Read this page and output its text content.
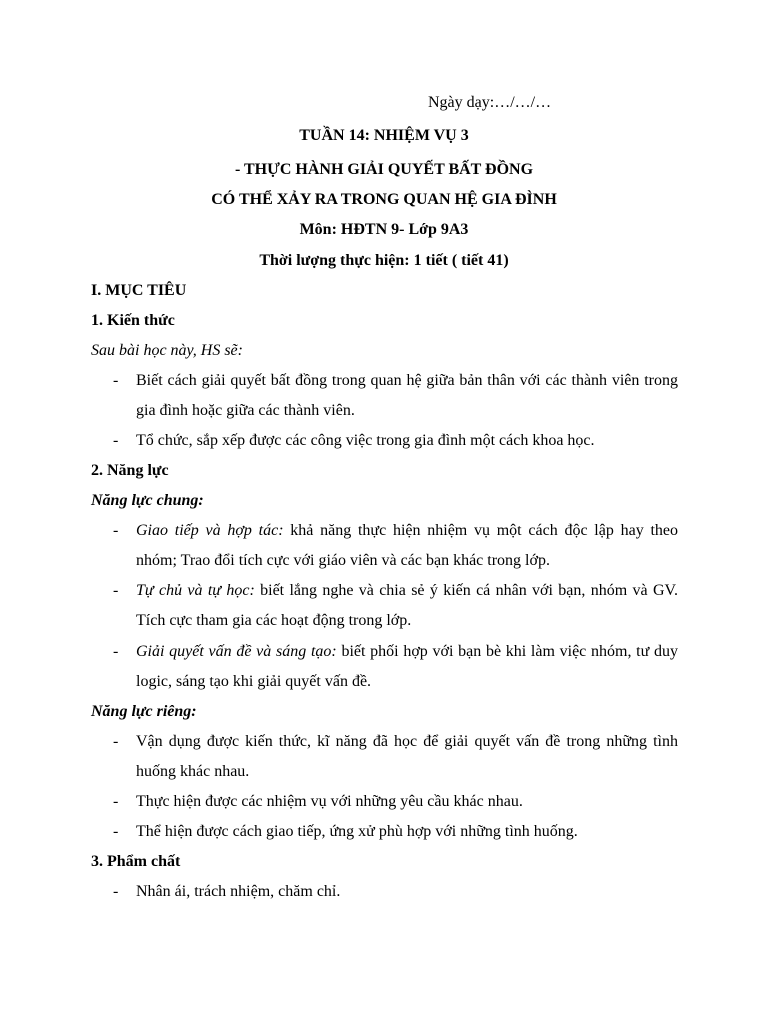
Ngày dạy:…/…/…
TUẦN 14: NHIỆM VỤ 3
- THỰC HÀNH GIẢI QUYẾT BẤT ĐỒNG
CÓ THỂ XẢY RA TRONG QUAN HỆ GIA ĐÌNH
Môn: HĐTN 9- Lớp 9A3
Thời lượng thực hiện: 1 tiết ( tiết 41)
I. MỤC TIÊU
1. Kiến thức
Sau bài học này, HS sẽ:
- Biết cách giải quyết bất đồng trong quan hệ giữa bản thân với các thành viên trong gia đình hoặc giữa các thành viên.
- Tổ chức, sắp xếp được các công việc trong gia đình một cách khoa học.
2. Năng lực
Năng lực chung:
- Giao tiếp và hợp tác: khả năng thực hiện nhiệm vụ một cách độc lập hay theo nhóm; Trao đổi tích cực với giáo viên và các bạn khác trong lớp.
- Tự chủ và tự học: biết lắng nghe và chia sẻ ý kiến cá nhân với bạn, nhóm và GV. Tích cực tham gia các hoạt động trong lớp.
- Giải quyết vấn đề và sáng tạo: biết phối hợp với bạn bè khi làm việc nhóm, tư duy logic, sáng tạo khi giải quyết vấn đề.
Năng lực riêng:
- Vận dụng được kiến thức, kĩ năng đã học để giải quyết vấn đề trong những tình huống khác nhau.
- Thực hiện được các nhiệm vụ với những yêu cầu khác nhau.
- Thể hiện được cách giao tiếp, ứng xử phù hợp với những tình huống.
3. Phẩm chất
- Nhân ái, trách nhiệm, chăm chỉ.
